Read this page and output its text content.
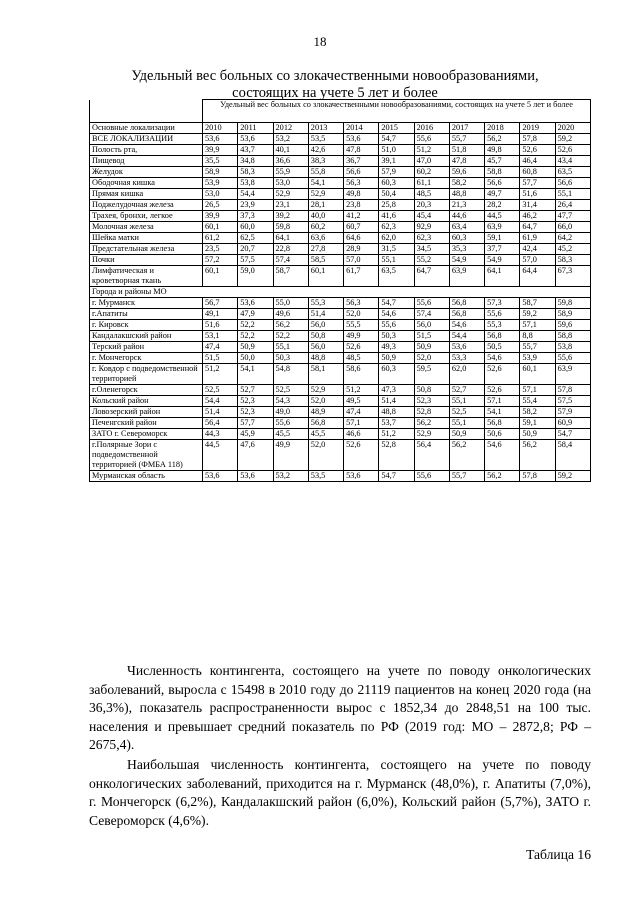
18
Удельный вес больных со злокачественными новообразованиями, состоящих на учете 5 лет и более
	Удельный вес больных со злокачественными новообразованиями, состоящих на учете 5 лет и более										
Основные локализации	2010	2011	2012	2013	2014	2015	2016	2017	2018	2019	2020
ВСЕ ЛОКАЛИЗАЦИИ	53,6	53,6	53,2	53,5	53,6	54,7	55,6	55,7	56,2	57,8	59,2
Полость рта,	39,9	43,7	40,1	42,6	47,8	51,0	51,2	51,8	49,8	52,6	52,6
Пищевод	35,5	34,8	36,6	38,3	36,7	39,1	47,0	47,8	45,7	46,4	43,4
Желудок	58,9	58,3	55,9	55,8	56,6	57,9	60,2	59,6	58,8	60,8	63,5
Ободочная кишка	53,9	53,8	53,0	54,1	56,3	60,3	61,1	58,2	56,6	57,7	56,6
Прямая кишка	53,0	54,4	52,9	52,9	49,8	50,4	48,5	48,8	49,7	51,6	55,1
Поджелудочная железа	26,5	23,9	23,1	28,1	23,8	25,8	20,3	21,3	28,2	31,4	26,4
Трахея, бронхи, легкое	39,9	37,3	39,2	40,0	41,2	41,6	45,4	44,6	44,5	46,2	47,7
Молочная железа	60,1	60,0	59,8	60,2	60,7	62,3	92,9	63,4	63,9	64,7	66,0
Шейка матки	61,2	62,5	64,1	63,6	64,6	62,0	62,3	60,3	59,1	61,9	64,2
Предстательная железа	23,5	20,7	22,8	27,8	28,9	31,5	34,5	35,3	37,7	42,4	45,2
Почки	57,2	57,5	57,4	58,5	57,0	55,1	55,2	54,9	54,9	57,0	58,3
Лимфатическая и кроветворная ткань	60,1	59,0	58,7	60,1	61,7	63,5	64,7	63,9	64,1	64,4	67,3
Города и районы МО											
г. Мурманск	56,7	53,6	55,0	55,3	56,3	54,7	55,6	56,8	57,3	58,7	59,8
г.Апатиты	49,1	47,9	49,6	51,4	52,0	54,6	57,4	56,8	55,6	59,2	58,9
г. Кировск	51,6	52,2	56,2	56,0	55,5	55,6	56,0	54,6	55,3	57,1	59,6
Кандалакшский район	53,1	52,2	52,2	50,8	49,9	50,3	51,5	54,4	56,8	8,8	58,8
Терский район	47,4	50,9	55,1	56,0	52,6	49,3	50,9	53,6	50,5	55,7	53,8
г. Мончегорск	51,5	50,0	50,3	48,8	48,5	50,9	52,0	53,3	54,6	53,9	55,6
г. Ковдор с подведомственной территорией	51,2	54,1	54,8	58,1	58,6	60,3	59,5	62,0	52,6	60,1	63,9
г.Оленегорск	52,5	52,7	52,5	52,9	51,2	47,3	50,8	52,7	52,6	57,1	57,8
Кольский район	54,4	52,3	54,3	52,0	49,5	51,4	52,3	55,1	57,1	55,4	57,5
Ловозерский район	51,4	52,3	49,0	48,9	47,4	48,8	52,8	52,5	54,1	58,2	57,9
Печенгский район	56,4	57,7	55,6	56,8	57,1	53,7	56,2	55,1	56,8	59,1	60,9
ЗАТО г. Североморск	44,3	45,9	45,5	45,5	46,6	51,2	52,9	50,9	50,6	50,9	54,7
г.Полярные Зори с подведомственной территорией (ФМБА 118)	44,5	47,6	49,9	52,0	52,6	52,8	56,4	56,2	54,6	56,2	58,4
Мурманская область	53,6	53,6	53,2	53,5	53,6	54,7	55,6	55,7	56,2	57,8	59,2
Численность контингента, состоящего на учете по поводу онкологических заболеваний, выросла с 15498 в 2010 году до 21119 пациентов на конец 2020 года (на 36,3%), показатель распространенности вырос с 1852,34 до 2848,51 на 100 тыс. населения и превышает средний показатель по РФ (2019 год: МО – 2872,8; РФ – 2675,4).
Наибольшая численность контингента, состоящего на учете по поводу онкологических заболеваний, приходится на г. Мурманск (48,0%), г. Апатиты (7,0%), г. Мончегорск (6,2%), Кандалакшский район (6,0%), Кольский район (5,7%), ЗАТО г. Североморск (4,6%).
Таблица 16
